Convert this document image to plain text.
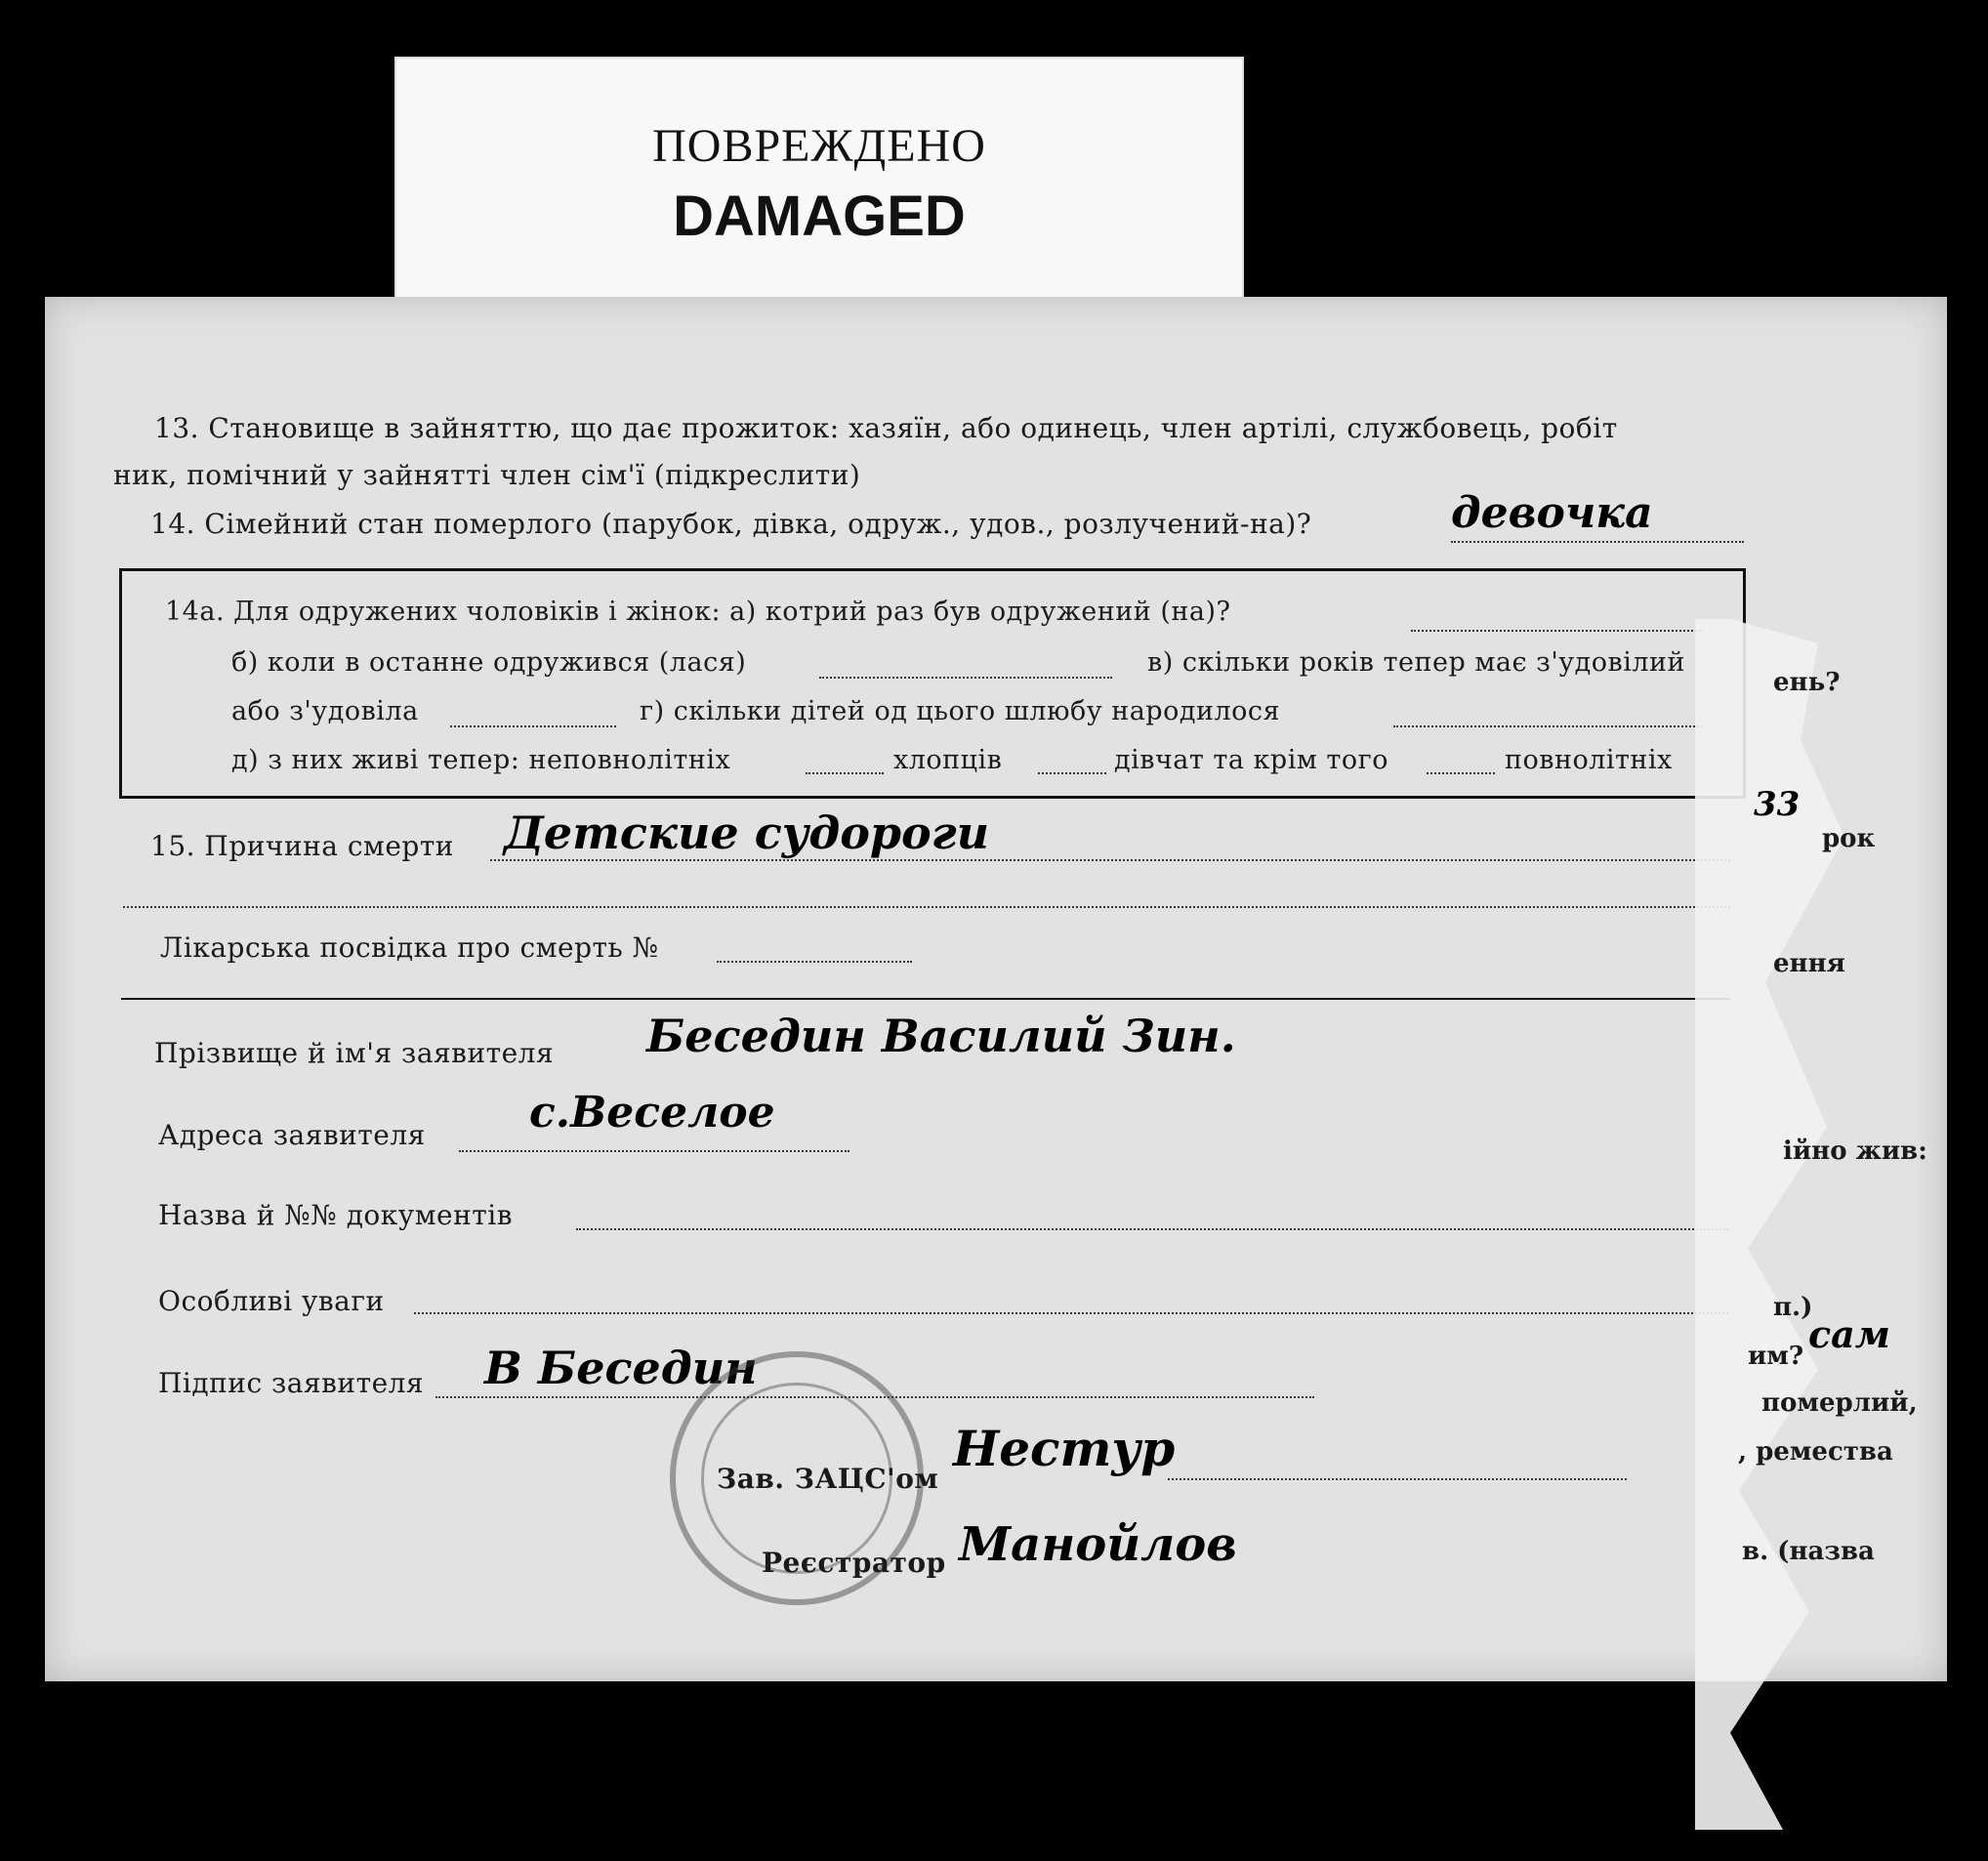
ПОВРЕЖДЕНО
DAMAGED
13. Становище в зайняттю, що дає прожиток: хазяїн, або одинець, член артілі, службовець, робіт
ник, помічний у зайнятті член сім'ї (підкреслити)
14. Сімейний стан померлого (парубок, дівка, одруж., удов., розлучений-на)?	девочка
14а. Для одружених чоловіків і жінок: а) котрий раз був одружений (на)?
б) коли в останне одружився (лася)	в) скільки років тепер має з'удовілий
або з'удовіла	г) скільки дітей од цього шлюбу народилося
д) з них живі тепер: неповнолітніх	хлопців	дівчат та крім того	повнолітніх
15. Причина смерти Детские судороги
Лікарська посвідка про смерть №
Прізвище й ім'я заявителя Беседин Василий Зин.
Адреса заявителя с.Веселое
Назва й №№ документів
Особливі уваги
Підпис заявителя В Беседин
Зав. ЗАЦС'ом
Нестур
Реєстратор Манойлов
ень?
33
рок
ення
ійно жив:
п.)
им? сам
померлий,
, ремества
в. (назва
